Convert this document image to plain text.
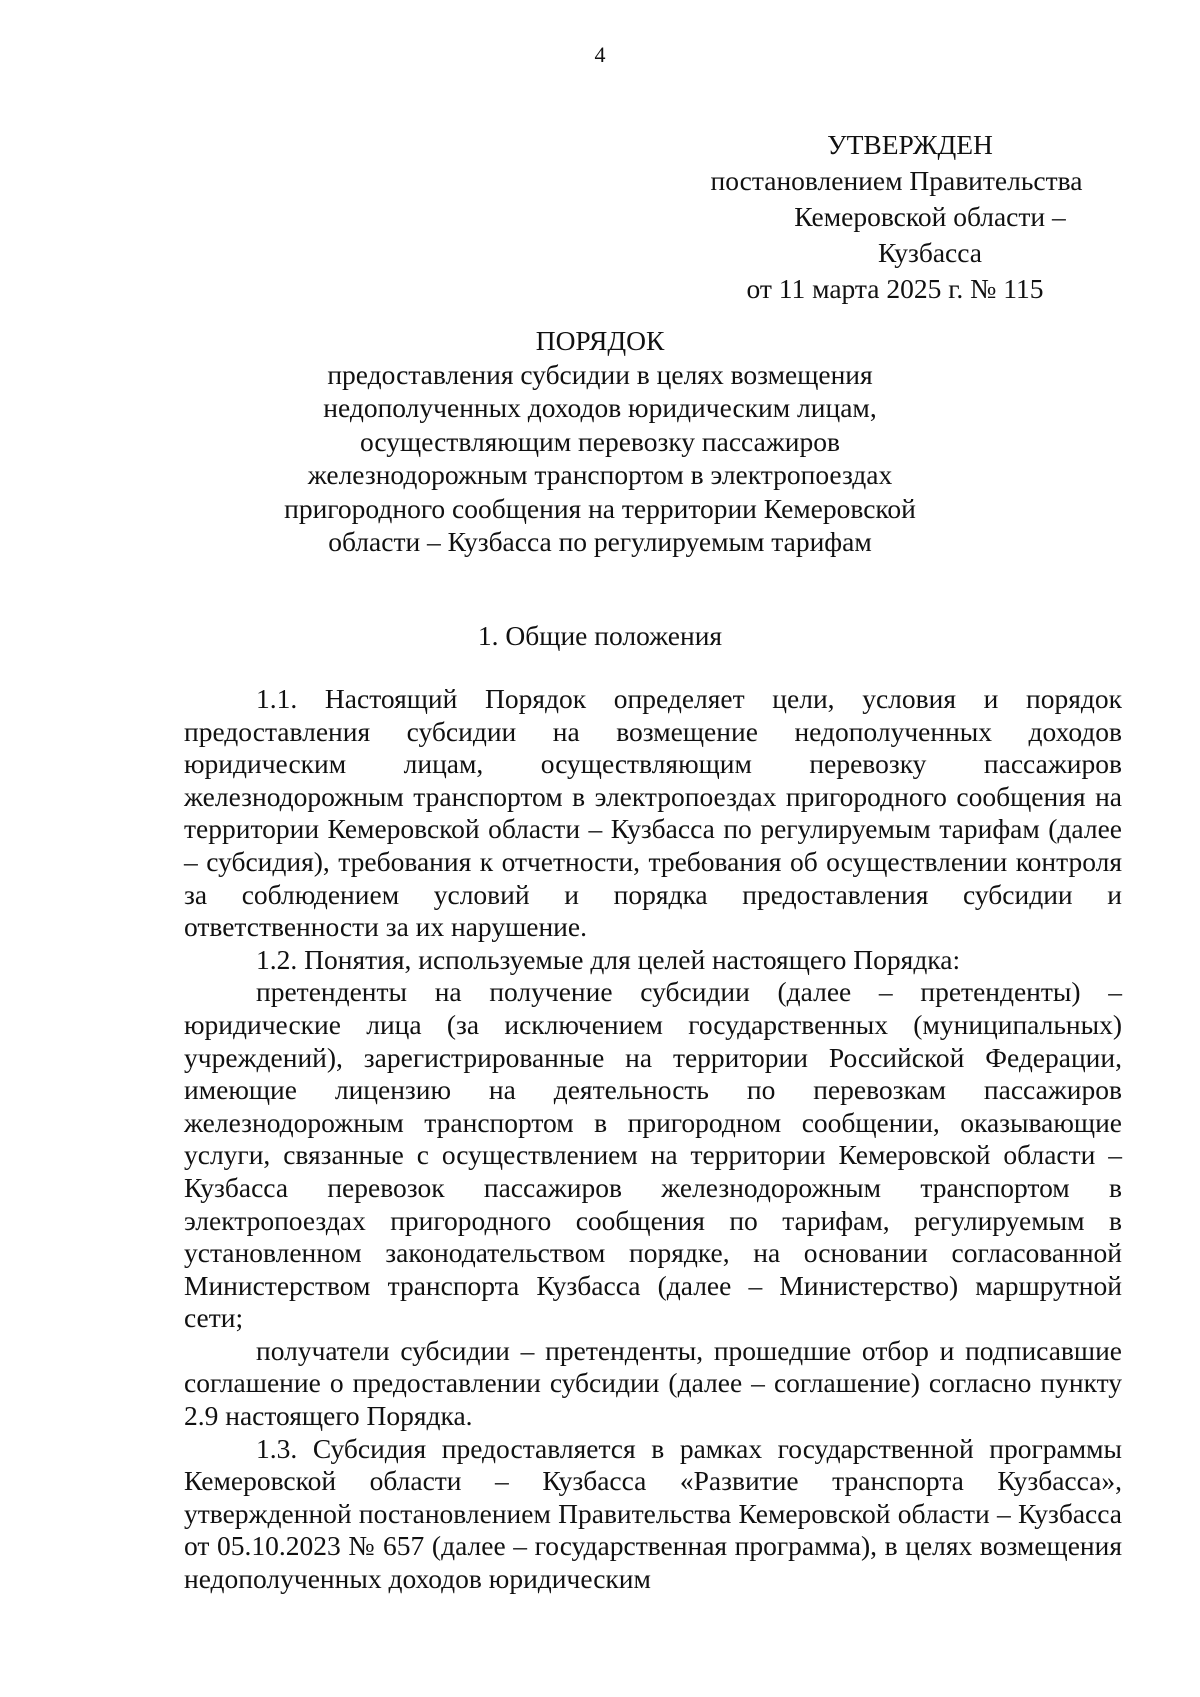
4
УТВЕРЖДЕН
постановлением Правительства
Кемеровской области – Кузбасса
от 11 марта 2025 г. № 115
ПОРЯДОК
предоставления субсидии в целях возмещения
недополученных доходов юридическим лицам,
осуществляющим перевозку пассажиров
железнодорожным транспортом в электропоездах
пригородного сообщения на территории Кемеровской
области – Кузбасса по регулируемым тарифам
1. Общие положения

1.1. Настоящий Порядок определяет цели, условия и порядок предоставления субсидии на возмещение недополученных доходов юридическим лицам, осуществляющим перевозку пассажиров железнодорожным транспортом в электропоездах пригородного сообщения на территории Кемеровской области – Кузбасса по регулируемым тарифам (далее – субсидия), требования к отчетности, требования об осуществлении контроля за соблюдением условий и порядка предоставления субсидии и ответственности за их нарушение.

1.2. Понятия, используемые для целей настоящего Порядка:

претенденты на получение субсидии (далее – претенденты) – юридические лица (за исключением государственных (муниципальных) учреждений), зарегистрированные на территории Российской Федерации, имеющие лицензию на деятельность по перевозкам пассажиров железнодорожным транспортом в пригородном сообщении, оказывающие услуги, связанные с осуществлением на территории Кемеровской области – Кузбасса перевозок пассажиров железнодорожным транспортом в электропоездах пригородного сообщения по тарифам, регулируемым в установленном законодательством порядке, на основании согласованной Министерством транспорта Кузбасса (далее – Министерство) маршрутной сети;

получатели субсидии – претенденты, прошедшие отбор и подписавшие соглашение о предоставлении субсидии (далее – соглашение) согласно пункту 2.9 настоящего Порядка.

1.3. Субсидия предоставляется в рамках государственной программы Кемеровской области – Кузбасса «Развитие транспорта Кузбасса», утвержденной постановлением Правительства Кемеровской области – Кузбасса от 05.10.2023 № 657 (далее – государственная программа), в целях возмещения недополученных доходов юридическим
